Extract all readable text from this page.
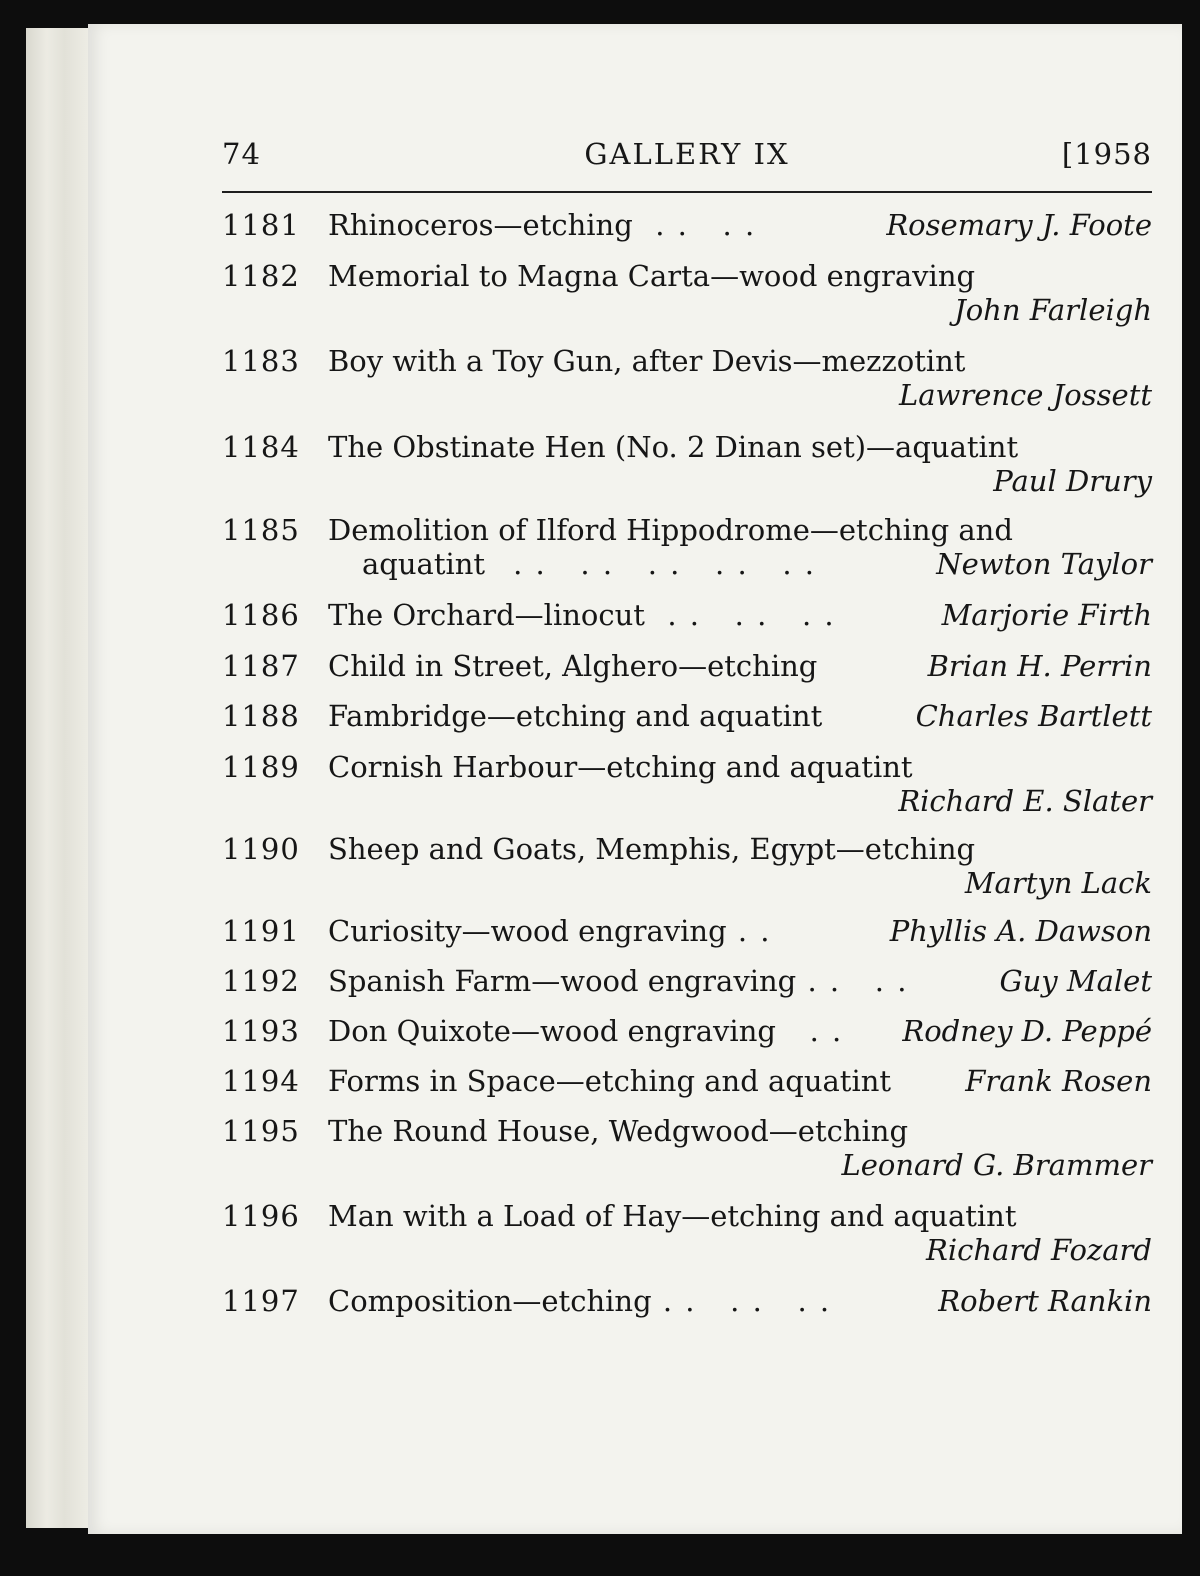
74	GALLERY IX	[1958
1181 Rhinoceros—etching  . .   . .	Rosemary J. Foote
1182 Memorial to Magna Carta—wood engraving
John Farleigh
1183 Boy with a Toy Gun, after Devis—mezzotint
Lawrence Jossett
1184 The Obstinate Hen (No. 2 Dinan set)—aquatint
Paul Drury
1185 Demolition of Ilford Hippodrome—etching and
aquatint . .   . .   . .   . .   . .	Newton Taylor
1186 The Orchard—linocut  . .   . .   . .	Marjorie Firth
1187 Child in Street, Alghero—etching	Brian H. Perrin
1188 Fambridge—etching and aquatint	Charles Bartlett
1189 Cornish Harbour—etching and aquatint
Richard E. Slater
1190 Sheep and Goats, Memphis, Egypt—etching
Martyn Lack
1191 Curiosity—wood engraving . .	Phyllis A. Dawson
1192 Spanish Farm—wood engraving . .   . .	Guy Malet
1193 Don Quixote—wood engraving   . .	Rodney D. Peppé
1194 Forms in Space—etching and aquatint	Frank Rosen
1195 The Round House, Wedgwood—etching
Leonard G. Brammer
1196 Man with a Load of Hay—etching and aquatint
Richard Fozard
1197 Composition—etching . .   . .   . .	Robert Rankin
